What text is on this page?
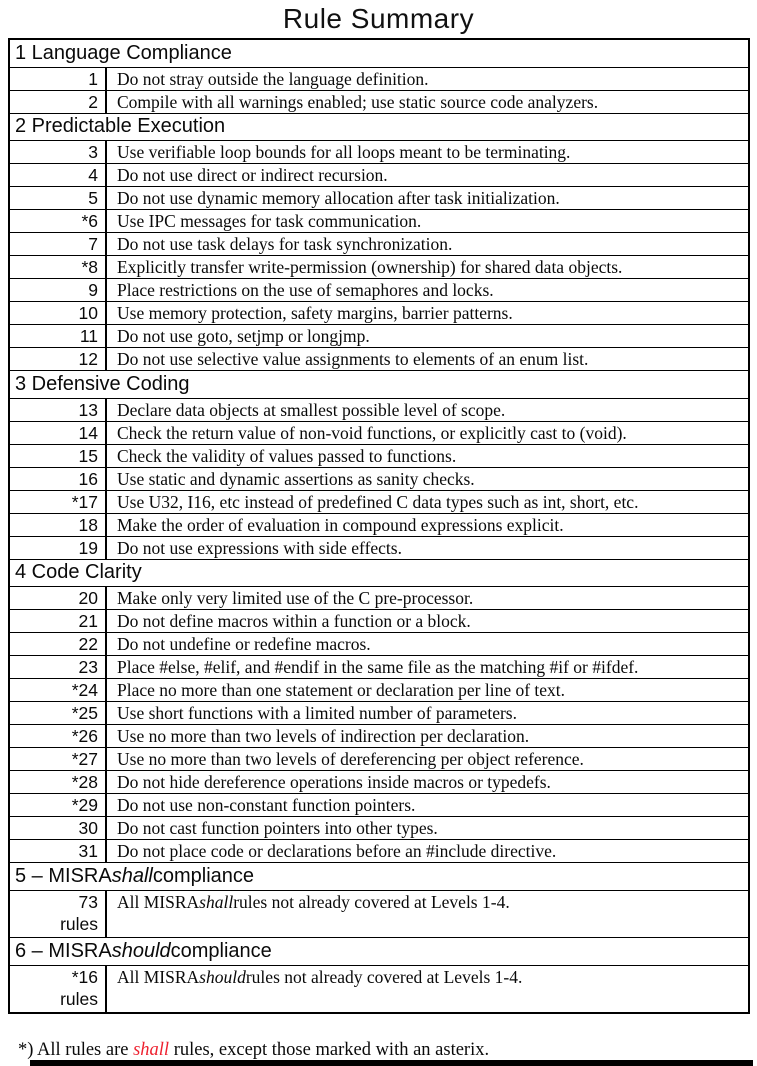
Rule Summary
1 Language Compliance
1 Do not stray outside the language definition.
2 Compile with all warnings enabled; use static source code analyzers.
2 Predictable Execution
3 Use verifiable loop bounds for all loops meant to be terminating.
4 Do not use direct or indirect recursion.
5 Do not use dynamic memory allocation after task initialization.
*6 Use IPC messages for task communication.
7 Do not use task delays for task synchronization.
*8 Explicitly transfer write-permission (ownership) for shared data objects.
9 Place restrictions on the use of semaphores and locks.
10 Use memory protection, safety margins, barrier patterns.
11 Do not use goto, setjmp or longjmp.
12 Do not use selective value assignments to elements of an enum list.
3 Defensive Coding
13 Declare data objects at smallest possible level of scope.
14 Check the return value of non-void functions, or explicitly cast to (void).
15 Check the validity of values passed to functions.
16 Use static and dynamic assertions as sanity checks.
*17 Use U32, I16, etc instead of predefined C data types such as int, short, etc.
18 Make the order of evaluation in compound expressions explicit.
19 Do not use expressions with side effects.
4 Code Clarity
20 Make only very limited use of the C pre-processor.
21 Do not define macros within a function or a block.
22 Do not undefine or redefine macros.
23 Place #else, #elif, and #endif in the same file as the matching #if or #ifdef.
*24 Place no more than one statement or declaration per line of text.
*25 Use short functions with a limited number of parameters.
*26 Use no more than two levels of indirection per declaration.
*27 Use no more than two levels of dereferencing per object reference.
*28 Do not hide dereference operations inside macros or typedefs.
*29 Do not use non-constant function pointers.
30 Do not cast function pointers into other types.
31 Do not place code or declarations before an #include directive.
5 – MISRA shall compliance
73
rules
All MISRA shall rules not already covered at Levels 1-4.
6 – MISRA should compliance
*16
rules
All MISRA should rules not already covered at Levels 1-4.
*) All rules are shall rules, except those marked with an asterix.
